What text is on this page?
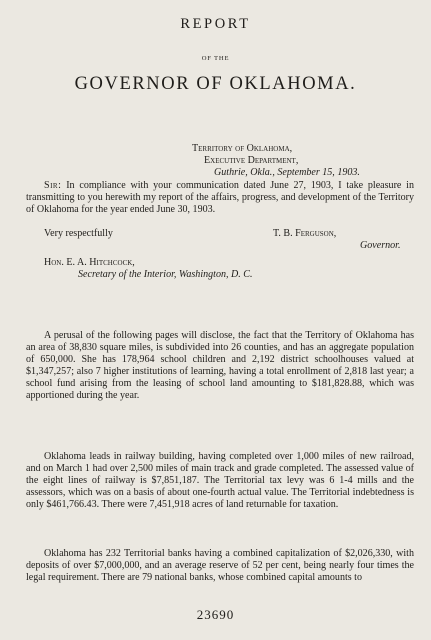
REPORT
OF THE
GOVERNOR OF OKLAHOMA.
Territory of Oklahoma,
Executive Department,
Guthrie, Okla., September 15, 1903.
Sir: In compliance with your communication dated June 27, 1903, I take pleasure in transmitting to you herewith my report of the affairs, progress, and development of the Territory of Oklahoma for the year ended June 30, 1903.
Very respectfully	T. B. Ferguson,
Governor.
Hon. E. A. Hitchcock,
Secretary of the Interior, Washington, D. C.
A perusal of the following pages will disclose, the fact that the Territory of Oklahoma has an area of 38,830 square miles, is subdivided into 26 counties, and has an aggregate population of 650,000. She has 178,964 school children and 2,192 district schoolhouses valued at $1,347,257; also 7 higher institutions of learning, having a total enrollment of 2,818 last year; a school fund arising from the leasing of school land amounting to $181,828.88, which was apportioned during the year.
Oklahoma leads in railway building, having completed over 1,000 miles of new railroad, and on March 1 had over 2,500 miles of main track and grade completed. The assessed value of the eight lines of railway is $7,851,187. The Territorial tax levy was 6 1-4 mills and the assessors, which was on a basis of about one-fourth actual value. The Territorial indebtedness is only $461,766.43. There were 7,451,918 acres of land returnable for taxation.
Oklahoma has 232 Territorial banks having a combined capitalization of $2,026,330, with deposits of over $7,000,000, and an average reserve of 52 per cent, being nearly four times the legal requirement. There are 79 national banks, whose combined capital amounts to
23690
